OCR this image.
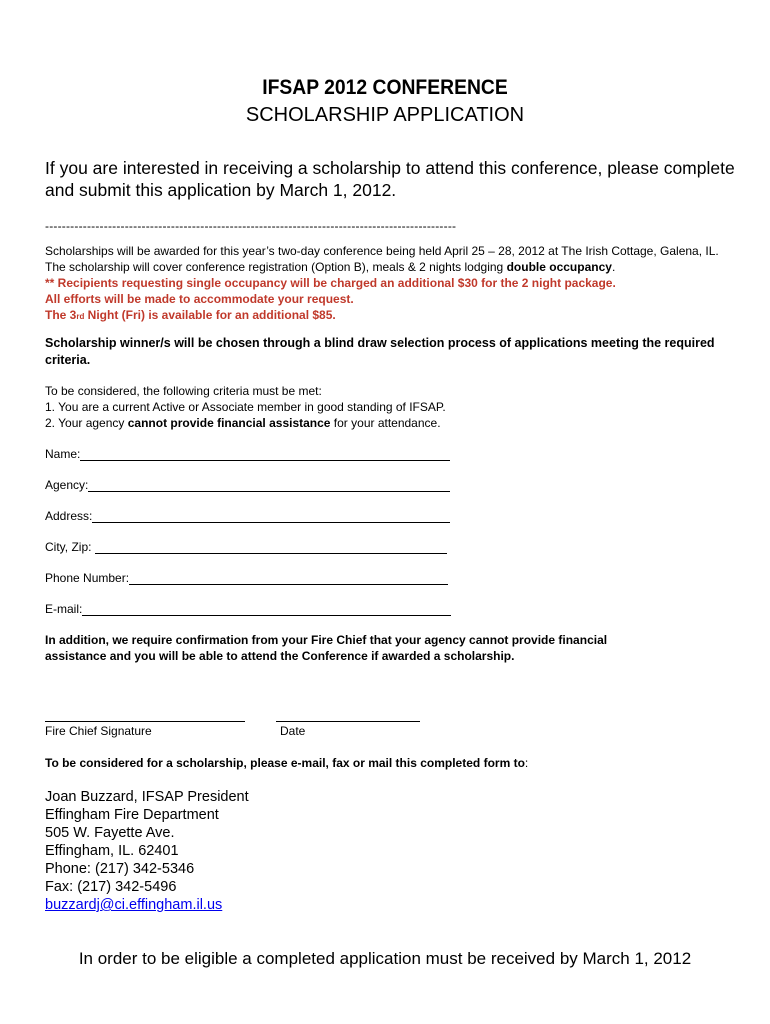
IFSAP 2012 CONFERENCE
SCHOLARSHIP APPLICATION
If you are interested in receiving a scholarship to attend this conference, please complete and submit this application by March 1, 2012.
--------------------------------------------------------------------------------------------------
Scholarships will be awarded for this year’s two-day conference being held April 25 – 28, 2012 at The Irish Cottage, Galena, IL. The scholarship will cover conference registration (Option B), meals & 2 nights lodging double occupancy.
** Recipients requesting single occupancy will be charged an additional $30 for the 2 night package.
All efforts will be made to accommodate your request.
The 3rd Night (Fri) is available for an additional $85.
Scholarship winner/s will be chosen through a blind draw selection process of applications meeting the required criteria.
To be considered, the following criteria must be met:
1. You are a current Active or Associate member in good standing of IFSAP.
2. Your agency cannot provide financial assistance for your attendance.
Name:
Agency:
Address:
City, Zip:
Phone Number:
E-mail:
In addition, we require confirmation from your Fire Chief that your agency cannot provide financial assistance and you will be able to attend the Conference if awarded a scholarship.
Fire Chief Signature	Date
To be considered for a scholarship, please e-mail, fax or mail this completed form to:
Joan Buzzard, IFSAP President
Effingham Fire Department
505 W. Fayette Ave.
Effingham, IL. 62401
Phone: (217) 342-5346
Fax: (217) 342-5496
buzzardj@ci.effingham.il.us
In order to be eligible a completed application must be received by March 1, 2012
